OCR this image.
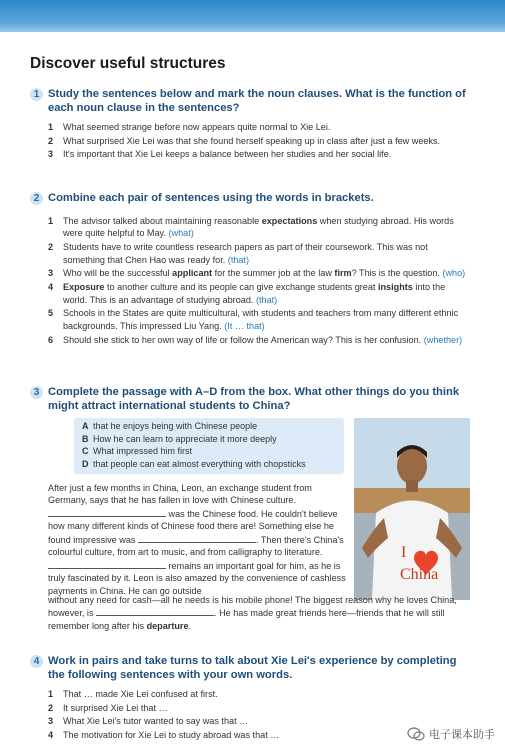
Discover useful structures
1 Study the sentences below and mark the noun clauses. What is the function of each noun clause in the sentences?
1 What seemed strange before now appears quite normal to Xie Lei.
2 What surprised Xie Lei was that she found herself speaking up in class after just a few weeks.
3 It's important that Xie Lei keeps a balance between her studies and her social life.
2 Combine each pair of sentences using the words in brackets.
1 The advisor talked about maintaining reasonable expectations when studying abroad. His words were quite helpful to May. (what)
2 Students have to write countless research papers as part of their coursework. This was not something that Chen Hao was ready for. (that)
3 Who will be the successful applicant for the summer job at the law firm? This is the question. (who)
4 Exposure to another culture and its people can give exchange students great insights into the world. This is an advantage of studying abroad. (that)
5 Schools in the States are quite multicultural, with students and teachers from many different ethnic backgrounds. This impressed Liu Yang. (It … that)
6 Should she stick to her own way of life or follow the American way? This is her confusion. (whether)
3 Complete the passage with A–D from the box. What other things do you think might attract international students to China?
A that he enjoys being with Chinese people
B How he can learn to appreciate it more deeply
C What impressed him first
D that people can eat almost everything with chopsticks
I
China
After just a few months in China, Leon, an exchange student from Germany, says that he has fallen in love with Chinese culture.
was the Chinese food. He couldn't believe how many different kinds of Chinese food there are! Something else he found impressive was	. Then there's China's colourful culture, from art to music, and from calligraphy to literature.  remains an important goal for him, as he is truly fascinated by it. Leon is also amazed by the convenience of cashless payments in China. He can go outside
without any need for cash—all he needs is his mobile phone! The biggest reason why he loves China, however, is	. He has made great friends here—friends that he will still remember long after his departure.
4 Work in pairs and take turns to talk about Xie Lei's experience by completing the following sentences with your own words.
1 That … made Xie Lei confused at first.
2 It surprised Xie Lei that …
3 What Xie Lei's tutor wanted to say was that …
4 The motivation for Xie Lei to study abroad was that …	电子课本助手
